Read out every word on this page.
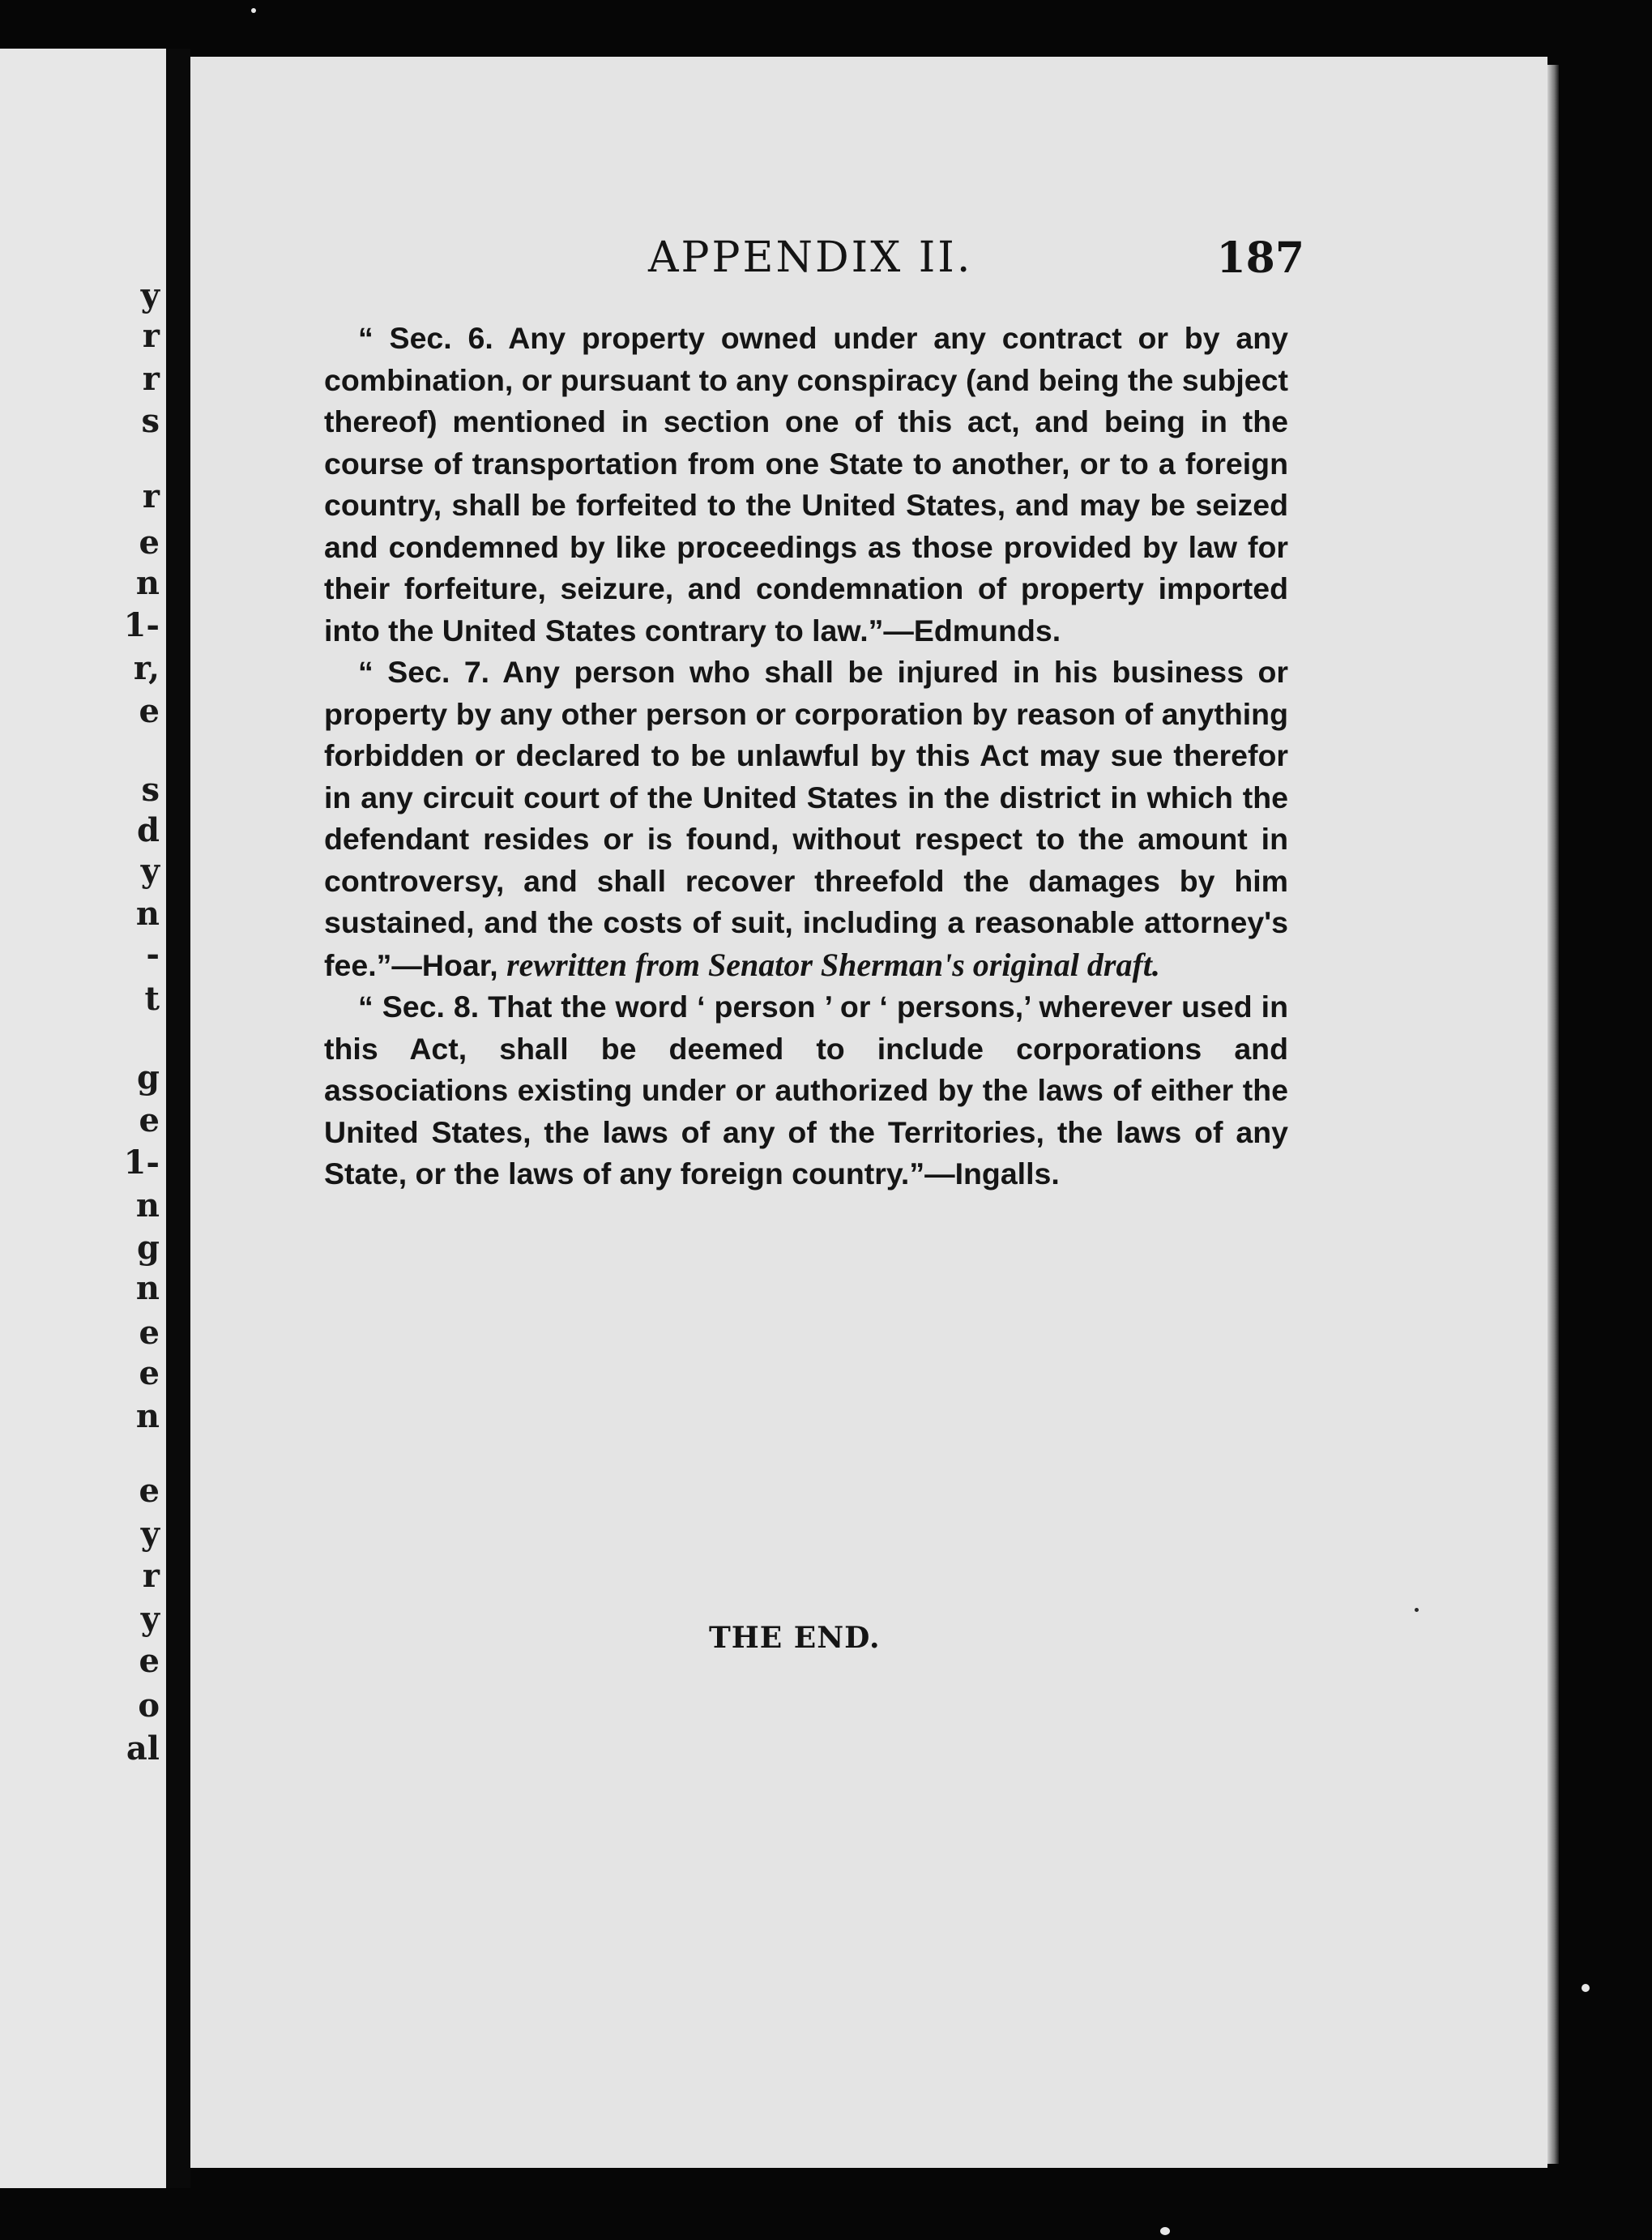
y
r
r
s
r
e
n
1-
r,
e
s
d
y
n
-
t
g
e
1-
n
g
n
e
e
n
e
y
r
y
e
o
al
APPENDIX II.	187

“ Sec. 6. Any property owned under any contract or by any combination, or pursuant to any conspiracy (and being the subject thereof) mentioned in section one of this act, and being in the course of transportation from one State to another, or to a foreign country, shall be forfeited to the United States, and may be seized and condemned by like proceedings as those provided by law for their forfeiture, seizure, and condemnation of property imported into the United States contrary to law.”—Edmunds.

“ Sec. 7. Any person who shall be injured in his business or property by any other person or corporation by reason of anything forbidden or declared to be unlawful by this Act may sue therefor in any circuit court of the United States in the district in which the defendant resides or is found, without respect to the amount in controversy, and shall recover threefold the damages by him sustained, and the costs of suit, including a reasonable attorney's fee.”—Hoar, rewritten from Senator Sherman's original draft.

“ Sec. 8. That the word ‘ person ’ or ‘ persons,’ wherever used in this Act, shall be deemed to include corporations and associations existing under or authorized by the laws of either the United States, the laws of any of the Territories, the laws of any State, or the laws of any foreign country.”—Ingalls.

THE END.
